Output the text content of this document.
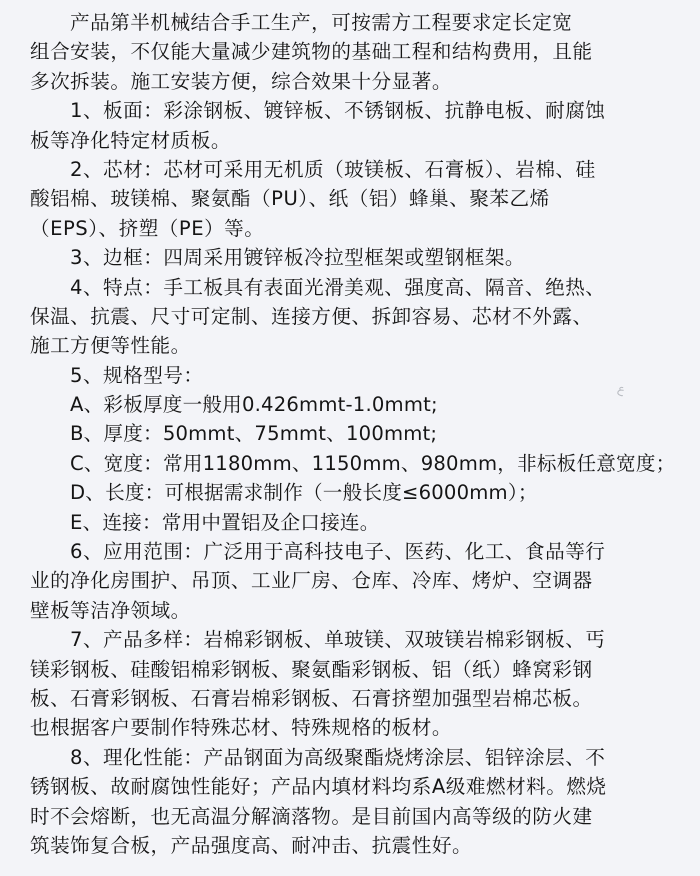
产品第半机械结合手工生产，可按需方工程要求定长定宽
组合安装，不仅能大量减少建筑物的基础工程和结构费用，且能
多次拆装。施工安装方便，综合效果十分显著。
1、板面：彩涂钢板、镀锌板、不锈钢板、抗静电板、耐腐蚀
板等净化特定材质板。
2、芯材：芯材可采用无机质（玻镁板、石膏板）、岩棉、硅
酸铝棉、玻镁棉、聚氨酯（PU）、纸（铝）蜂巢、聚苯乙烯
（EPS）、挤塑（PE）等。
3、边框：四周采用镀锌板冷拉型框架或塑钢框架。
4、特点：手工板具有表面光滑美观、强度高、隔音、绝热、
保温、抗震、尺寸可定制、连接方便、拆卸容易、芯材不外露、
施工方便等性能。
5、规格型号：
A、彩板厚度一般用0.426mmt-1.0mmt;
B、厚度：50mmt、75mmt、100mmt;
C、宽度：常用1180mm、1150mm、980mm，非标板任意宽度；
D、长度：可根据需求制作（一般长度≤6000mm）；
E、连接：常用中置铝及企口接连。
6、应用范围：广泛用于高科技电子、医药、化工、食品等行
业的净化房围护、吊顶、工业厂房、仓库、冷库、烤炉、空调器
壁板等洁净领域。
7、产品多样：岩棉彩钢板、单玻镁、双玻镁岩棉彩钢板、丐
镁彩钢板、硅酸铝棉彩钢板、聚氨酯彩钢板、铝（纸）蜂窝彩钢
板、石膏彩钢板、石膏岩棉彩钢板、石膏挤塑加强型岩棉芯板。
也根据客户要制作特殊芯材、特殊规格的板材。
8、理化性能：产品钢面为高级聚酯烧烤涂层、铝锌涂层、不
锈钢板、故耐腐蚀性能好；产品内填材料均系A级难燃材料。燃烧
时不会熔断，也无高温分解滴落物。是目前国内高等级的防火建
筑装饰复合板，产品强度高、耐冲击、抗震性好。
ع
